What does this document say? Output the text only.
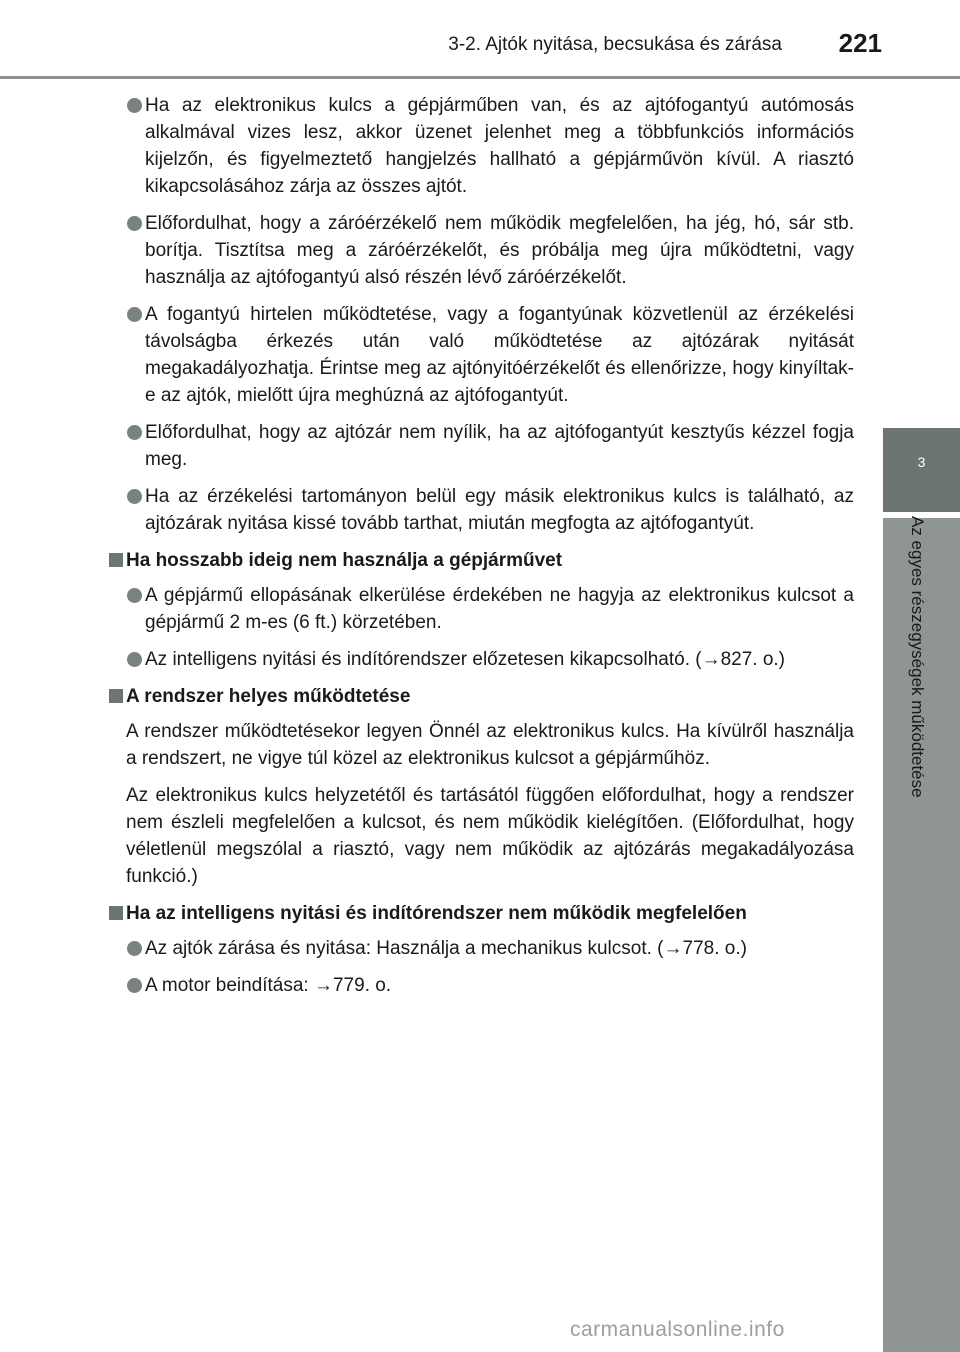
3-2. Ajtók nyitása, becsukása és zárása 221
3
Az egyes részegységek működtetése
Ha az elektronikus kulcs a gépjárműben van, és az ajtófogantyú autómosás alkalmával vizes lesz, akkor üzenet jelenhet meg a többfunkciós információs kijelzőn, és figyelmeztető hangjelzés hallható a gépjárművön kívül. A riasztó kikapcsolásához zárja az összes ajtót.
Előfordulhat, hogy a záróérzékelő nem működik megfelelően, ha jég, hó, sár stb. borítja. Tisztítsa meg a záróérzékelőt, és próbálja meg újra működtetni, vagy használja az ajtófogantyú alsó részén lévő záróérzékelőt.
A fogantyú hirtelen működtetése, vagy a fogantyúnak közvetlenül az érzékelési távolságba érkezés után való működtetése az ajtózárak nyitását megakadályozhatja. Érintse meg az ajtónyitóérzékelőt és ellenőrizze, hogy kinyíltak-e az ajtók, mielőtt újra meghúzná az ajtófogantyút.
Előfordulhat, hogy az ajtózár nem nyílik, ha az ajtófogantyút kesztyűs kézzel fogja meg.
Ha az érzékelési tartományon belül egy másik elektronikus kulcs is található, az ajtózárak nyitása kissé tovább tarthat, miután megfogta az ajtófogantyút.
Ha hosszabb ideig nem használja a gépjárművet
A gépjármű ellopásának elkerülése érdekében ne hagyja az elektronikus kulcsot a gépjármű 2 m-es (6 ft.) körzetében.
Az intelligens nyitási és indítórendszer előzetesen kikapcsolható. (→827. o.)
A rendszer helyes működtetése
A rendszer működtetésekor legyen Önnél az elektronikus kulcs. Ha kívülről használja a rendszert, ne vigye túl közel az elektronikus kulcsot a gépjárműhöz.
Az elektronikus kulcs helyzetétől és tartásától függően előfordulhat, hogy a rendszer nem észleli megfelelően a kulcsot, és nem működik kielégítően. (Előfordulhat, hogy véletlenül megszólal a riasztó, vagy nem működik az ajtózárás megakadályozása funkció.)
Ha az intelligens nyitási és indítórendszer nem működik megfelelően
Az ajtók zárása és nyitása: Használja a mechanikus kulcsot. (→778. o.)
A motor beindítása: →779. o.
carmanualsonline.info
